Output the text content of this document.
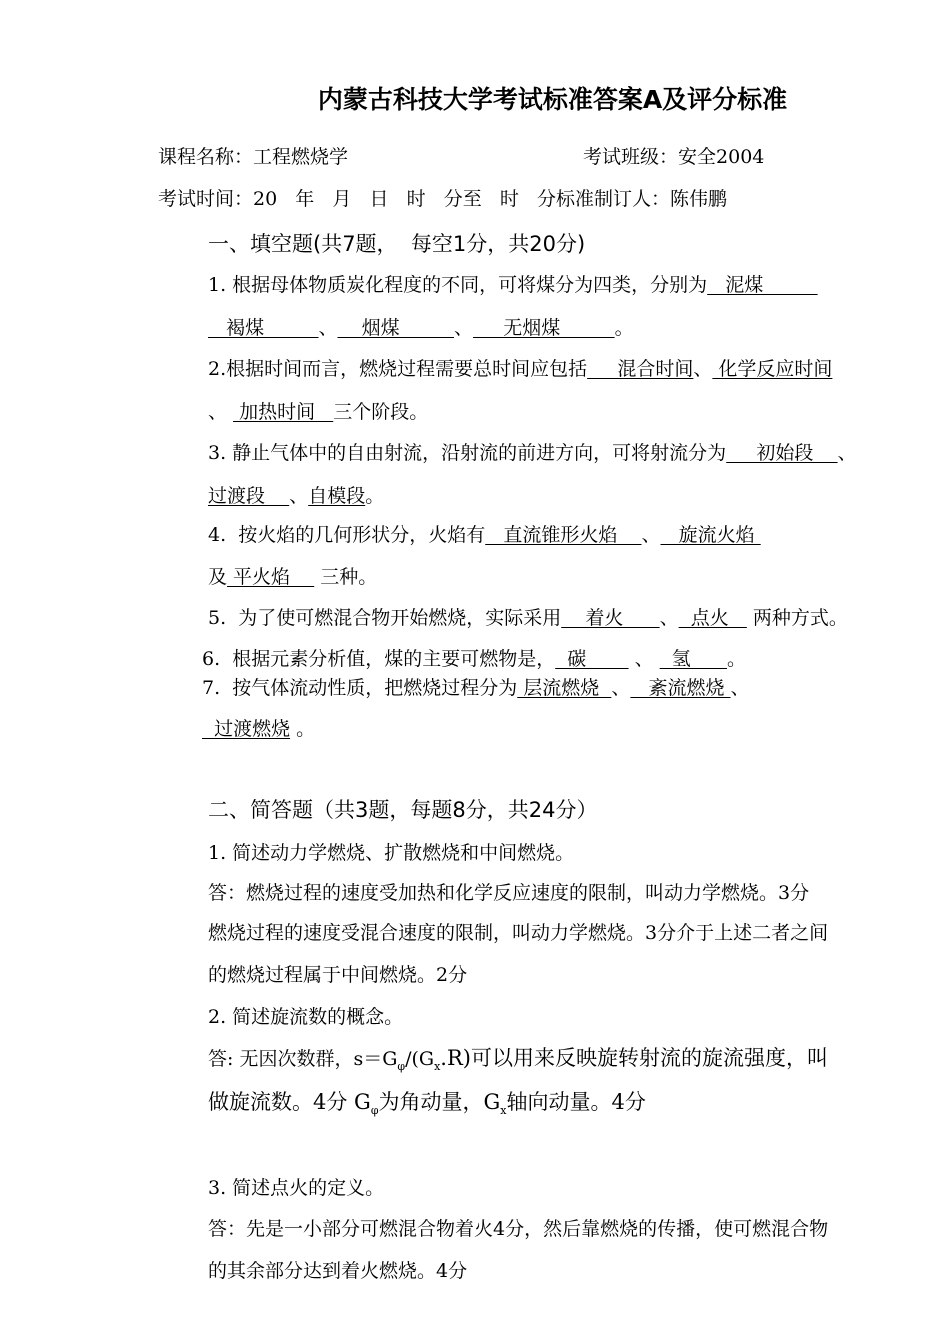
内蒙古科技大学考试标准答案A及评分标准
课程名称：工程燃烧学	考试班级：安全2004
考试时间：20   年   月   日   时   分至   时   分标准制订人：陈伟鹏
一、填空题(共7题，  每空1分，共20分)
1. 根据母体物质炭化程度的不同，可将煤分为四类，分别为   泥煤
褐煤         、    烟煤         、     无烟煤         。
2.根据时间而言，燃烧过程需要总时间应包括     混合时间、 化学反应时间
、  加热时间   三个阶段。
3. 静止气体中的自由射流，沿射流的前进方向，可将射流分为     初始段    、
过渡段    、自模段。
4.  按火焰的几何形状分，火焰有   直流锥形火焰    、   旋流火焰
及 平火焰     三种。
5.  为了使可燃混合物开始燃烧，实际采用    着火      、  点火    两种方式。
6.  根据元素分析值，煤的主要可燃物是，  碳        、   氢      。
7.  按气体流动性质，把燃烧过程分为 层流燃烧  、   紊流燃烧 、
过渡燃烧 。
二、简答题（共3题，每题8分，共24分）
1. 简述动力学燃烧、扩散燃烧和中间燃烧。
答：燃烧过程的速度受加热和化学反应速度的限制，叫动力学燃烧。3分
燃烧过程的速度受混合速度的限制，叫动力学燃烧。3分介于上述二者之间
的燃烧过程属于中间燃烧。2分
2. 简述旋流数的概念。
答: 无因次数群，$s=G_\varphi/(G_x.R)$可以用来反映旋转射流的旋流强度，叫
做旋流数。4分 $G_\varphi$为角动量，$G_x$轴向动量。4分
3. 简述点火的定义。
答：先是一小部分可燃混合物着火4分，然后靠燃烧的传播，使可燃混合物
的其余部分达到着火燃烧。4分
